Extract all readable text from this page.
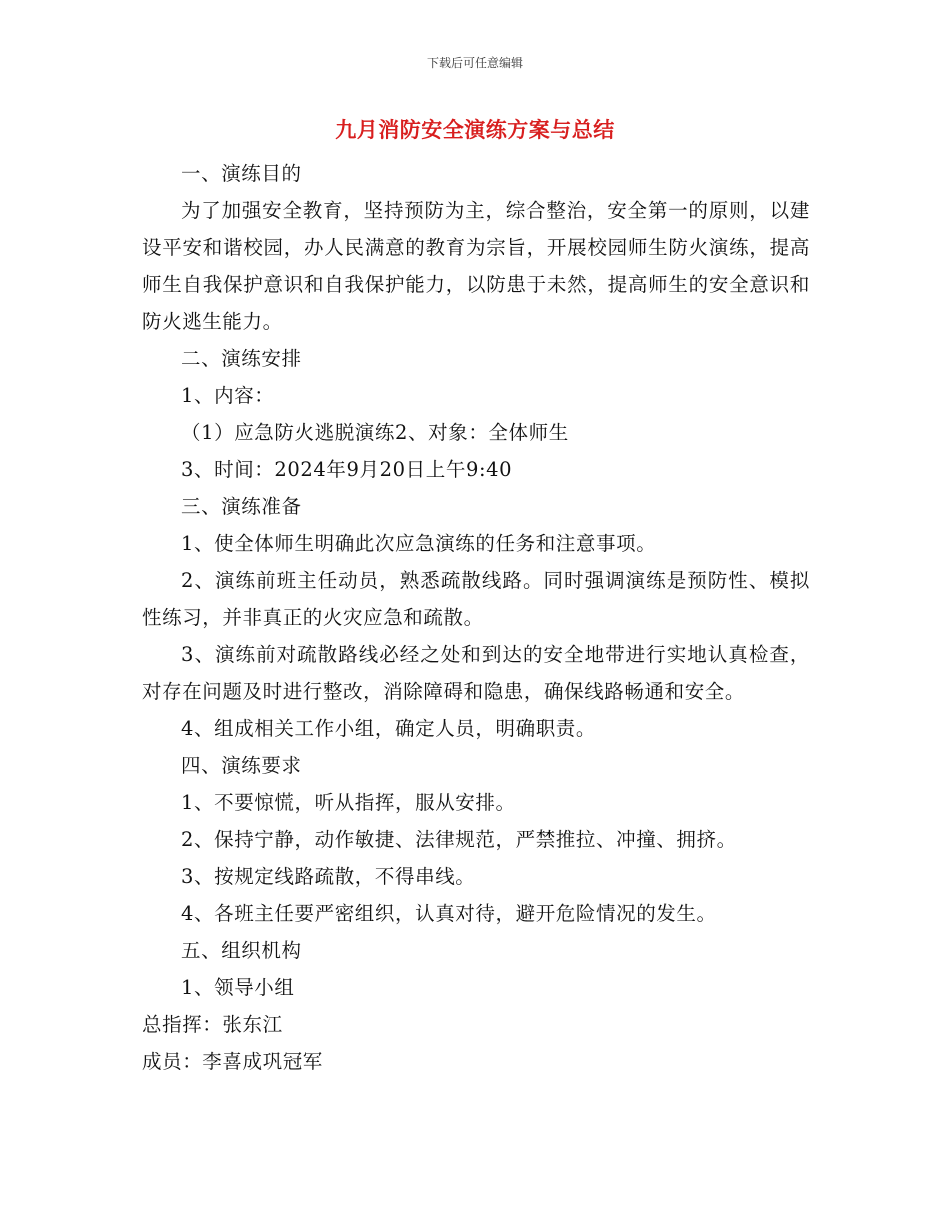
下载后可任意编辑
九月消防安全演练方案与总结

一、演练目的

为了加强安全教育，坚持预防为主，综合整治，安全第一的原则，以建设平安和谐校园，办人民满意的教育为宗旨，开展校园师生防火演练，提高师生自我保护意识和自我保护能力，以防患于未然，提高师生的安全意识和防火逃生能力。

二、演练安排

1、内容：

（1）应急防火逃脱演练2、对象：全体师生

3、时间：2024年9月20日上午9:40

三、演练准备

1、使全体师生明确此次应急演练的任务和注意事项。

2、演练前班主任动员，熟悉疏散线路。同时强调演练是预防性、模拟性练习，并非真正的火灾应急和疏散。

3、演练前对疏散路线必经之处和到达的安全地带进行实地认真检查，对存在问题及时进行整改，消除障碍和隐患，确保线路畅通和安全。

4、组成相关工作小组，确定人员，明确职责。

四、演练要求

1、不要惊慌，听从指挥，服从安排。

2、保持宁静，动作敏捷、法律规范，严禁推拉、冲撞、拥挤。

3、按规定线路疏散，不得串线。

4、各班主任要严密组织，认真对待，避开危险情况的发生。

五、组织机构

1、领导小组

总指挥：张东江

成员：李喜成巩冠军
